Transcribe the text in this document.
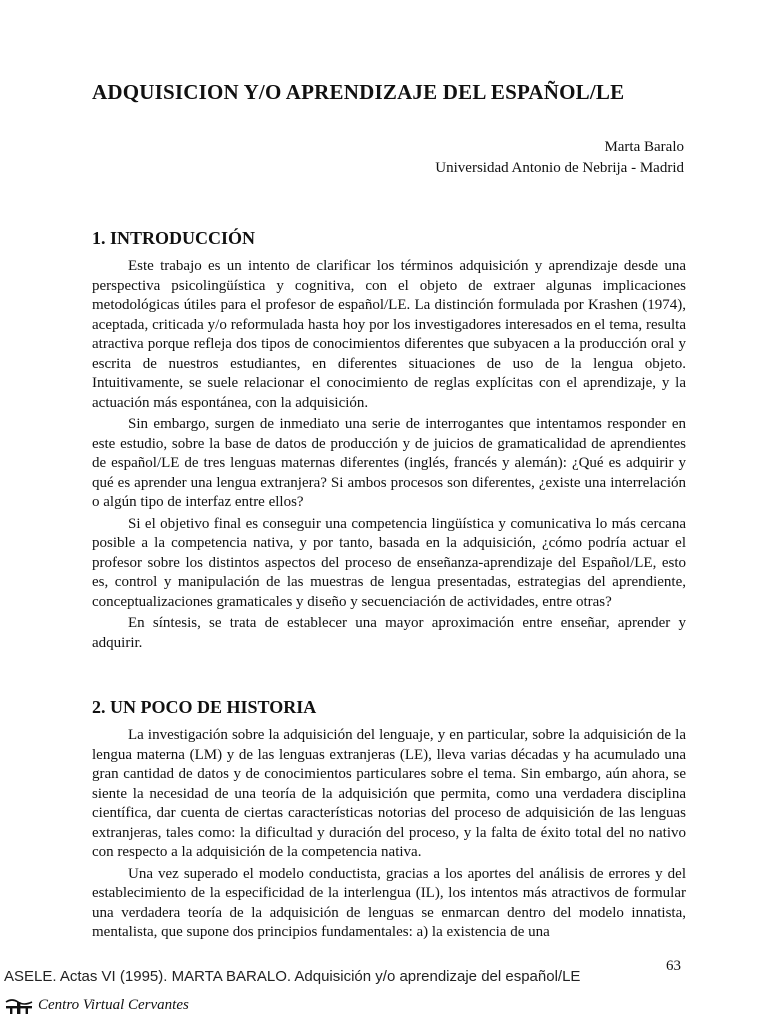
ADQUISICION Y/O APRENDIZAJE DEL ESPAÑOL/LE
Marta Baralo
Universidad Antonio de Nebrija - Madrid
1. INTRODUCCIÓN

Este trabajo es un intento de clarificar los términos adquisición y aprendizaje desde una perspectiva psicolingüística y cognitiva, con el objeto de extraer algunas implicaciones metodológicas útiles para el profesor de español/LE. La distinción formulada por Krashen (1974), aceptada, criticada y/o reformulada hasta hoy por los investigadores interesados en el tema, resulta atractiva porque refleja dos tipos de conocimientos diferentes que subyacen a la producción oral y escrita de nuestros estudiantes, en diferentes situaciones de uso de la lengua objeto. Intuitivamente, se suele relacionar el conocimiento de reglas explícitas con el aprendizaje, y la actuación más espontánea, con la adquisición.

Sin embargo, surgen de inmediato una serie de interrogantes que intentamos responder en este estudio, sobre la base de datos de producción y de juicios de gramaticalidad de aprendientes de español/LE de tres lenguas maternas diferentes (inglés, francés y alemán): ¿Qué es adquirir y qué es aprender una lengua extranjera? Si ambos procesos son diferentes, ¿existe una interrelación o algún tipo de interfaz entre ellos?

Si el objetivo final es conseguir una competencia lingüística y comunicativa lo más cercana posible a la competencia nativa, y por tanto, basada en la adquisición, ¿cómo podría actuar el profesor sobre los distintos aspectos del proceso de enseñanza-aprendizaje del Español/LE, esto es, control y manipulación de las muestras de lengua presentadas, estrategias del aprendiente, conceptualizaciones gramaticales y diseño y secuenciación de actividades, entre otras?

En síntesis, se trata de establecer una mayor aproximación entre enseñar, aprender y adquirir.

2. UN POCO DE HISTORIA

La investigación sobre la adquisición del lenguaje, y en particular, sobre la adquisición de la lengua materna (LM) y de las lenguas extranjeras (LE), lleva varias décadas y ha acumulado una gran cantidad de datos y de conocimientos particulares sobre el tema. Sin embargo, aún ahora, se siente la necesidad de una teoría de la adquisición que permita, como una verdadera disciplina científica, dar cuenta de ciertas características notorias del proceso de adquisición de las lenguas extranjeras, tales como: la dificultad y duración del proceso, y la falta de éxito total del no nativo con respecto a la adquisición de la competencia nativa.

Una vez superado el modelo conductista, gracias a los aportes del análisis de errores y del establecimiento de la especificidad de la interlengua (IL), los intentos más atractivos de formular una verdadera teoría de la adquisición de lenguas se enmarcan dentro del modelo innatista, mentalista, que supone dos principios fundamentales: a) la existencia de una

63
ASELE. Actas VI (1995). MARTA BARALO. Adquisición y/o aprendizaje del español/LE
Centro Virtual Cervantes
